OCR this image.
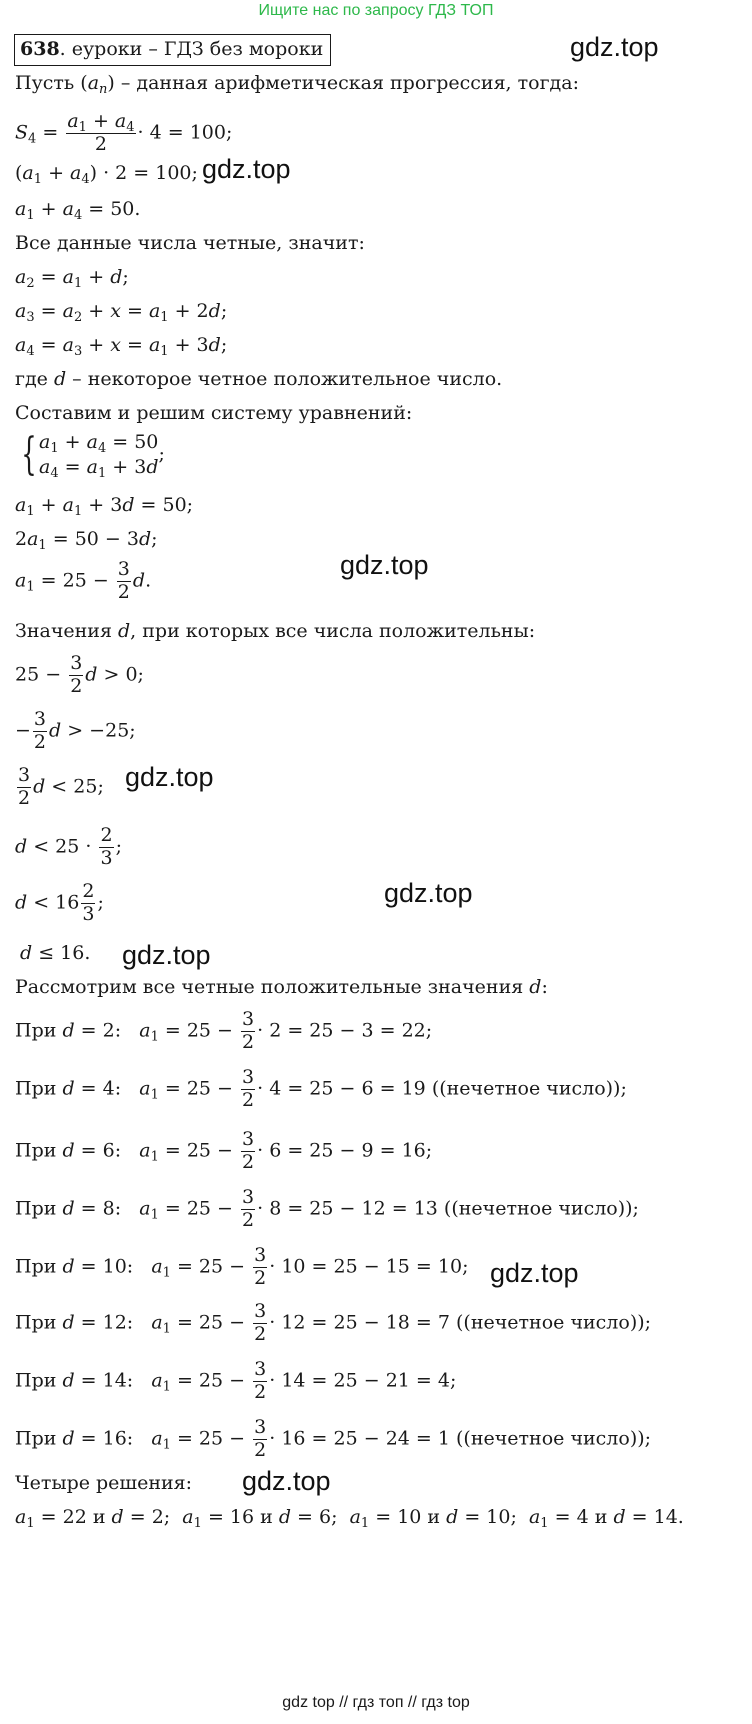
Ищите нас по запросу ГДЗ ТОП
638. еуроки – ГДЗ без мороки	gdz.top
gdz.top
gdz.top
gdz.top
gdz.top
gdz.top
gdz.top
gdz.top
Пусть $(a_n)$ – данная арифметическая прогрессия, тогда:
$S_4 = \frac{a_1 + a_4}{2} \cdot 4 = 100$;
$(a_1 + a_4) \cdot 2 = 100$;
$a_1 + a_4 = 50$.
Все данные числа четные, значит:
$a_2 = a_1 + d$;
$a_3 = a_2 + x = a_1 + 2d$;
$a_4 = a_3 + x = a_1 + 3d$;
где d – некоторое четное положительное число.
Составим и решим систему уравнений:
{ $a_1 + a_4 = 50$
$a_4 = a_1 + 3d$
;
$a_1 + a_1 + 3d = 50$;
$2a_1 = 50 - 3d$;
$a_1 = 25 - \frac{3}{2} d$.
Значения d, при которых все числа положительны:
$25 - \frac{3}{2}$ d > 0;
− $\frac{3}{2}$ d > −25;
$\frac{3}{2}$ d < 25;
$d < 25 \cdot \frac{2}{3}$ ;
$d < 16 \frac{2}{3}$ ;
d ≤ 16.
Рассмотрим все четные положительные значения d:
При d = 2:   $a_1 = 25 - \frac{3}{2} \cdot 2 = 25 - 3 = 22$;
При d = 4:   $a_1 = 25 - \frac{3}{2} \cdot 4 = 25 - 6 = 19$ ((нечетное число));
При d = 6:   $a_1 = 25 - \frac{3}{2} \cdot 6 = 25 - 9 = 16$;
При d = 8:   $a_1 = 25 - \frac{3}{2} \cdot 8 = 25 - 12 = 13$ ((нечетное число));
При d = 10:   $a_1 = 25 - \frac{3}{2} \cdot 10 = 25 - 15 = 10$;
При d = 12:   $a_1 = 25 - \frac{3}{2} \cdot 12 = 25 - 18 = 7$ ((нечетное число));
При d = 14:   $a_1 = 25 - \frac{3}{2} \cdot 14 = 25 - 21 = 4$;
При d = 16:   $a_1 = 25 - \frac{3}{2} \cdot 16 = 25 - 24 = 1$ ((нечетное число));
Четыре решения:
$a_1 = 22$ и d = 2;  $a_1 = 16$ и d = 6;  $a_1 = 10$ и d = 10;  $a_1 = 4$ и d = 14.
gdz top // гдз топ // гдз top
